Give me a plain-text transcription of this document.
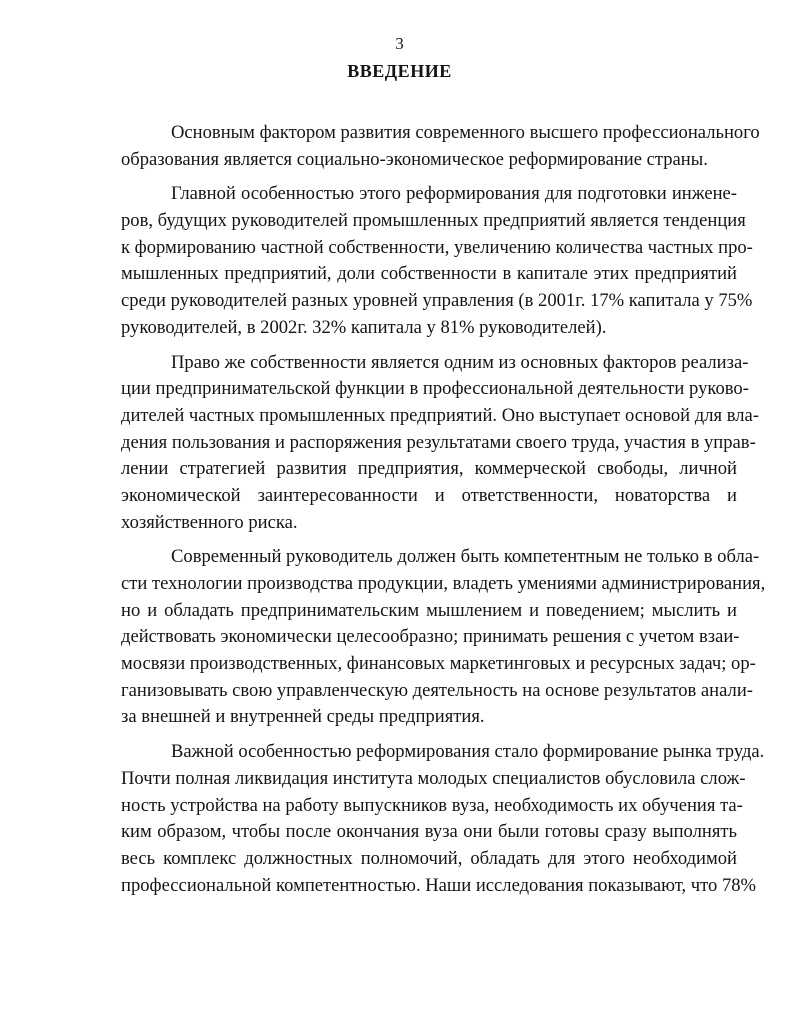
3
ВВЕДЕНИЕ
Основным фактором развития современного высшего профессионального
образования является социально-экономическое реформирование страны.
Главной особенностью этого реформирования для подготовки инжене-
ров, будущих руководителей промышленных предприятий является тенденция
к формированию частной собственности, увеличению количества частных про-
мышленных предприятий, доли собственности в капитале этих предприятий
среди руководителей разных уровней управления (в 2001г. 17% капитала у 75%
руководителей, в 2002г. 32% капитала у 81% руководителей).
Право же собственности является одним из основных факторов реализа-
ции предпринимательской функции в профессиональной деятельности руково-
дителей частных промышленных предприятий. Оно выступает основой для вла-
дения пользования и распоряжения результатами своего труда, участия в управ-
лении стратегией развития предприятия, коммерческой свободы, личной
экономической заинтересованности и ответственности, новаторства и
хозяйственного риска.
Современный руководитель должен быть компетентным не только в обла-
сти технологии производства продукции, владеть умениями администрирования,
но и обладать предпринимательским мышлением и поведением; мыслить и
действовать экономически целесообразно; принимать решения с учетом взаи-
мосвязи производственных, финансовых маркетинговых и ресурсных задач; ор-
ганизовывать свою управленческую деятельность на основе результатов анали-
за внешней и внутренней среды предприятия.
Важной особенностью реформирования стало формирование рынка труда.
Почти полная ликвидация института молодых специалистов обусловила слож-
ность устройства на работу выпускников вуза, необходимость их обучения та-
ким образом, чтобы после окончания вуза они были готовы сразу выполнять
весь комплекс должностных полномочий, обладать для этого необходимой
профессиональной компетентностью. Наши исследования показывают, что 78%
